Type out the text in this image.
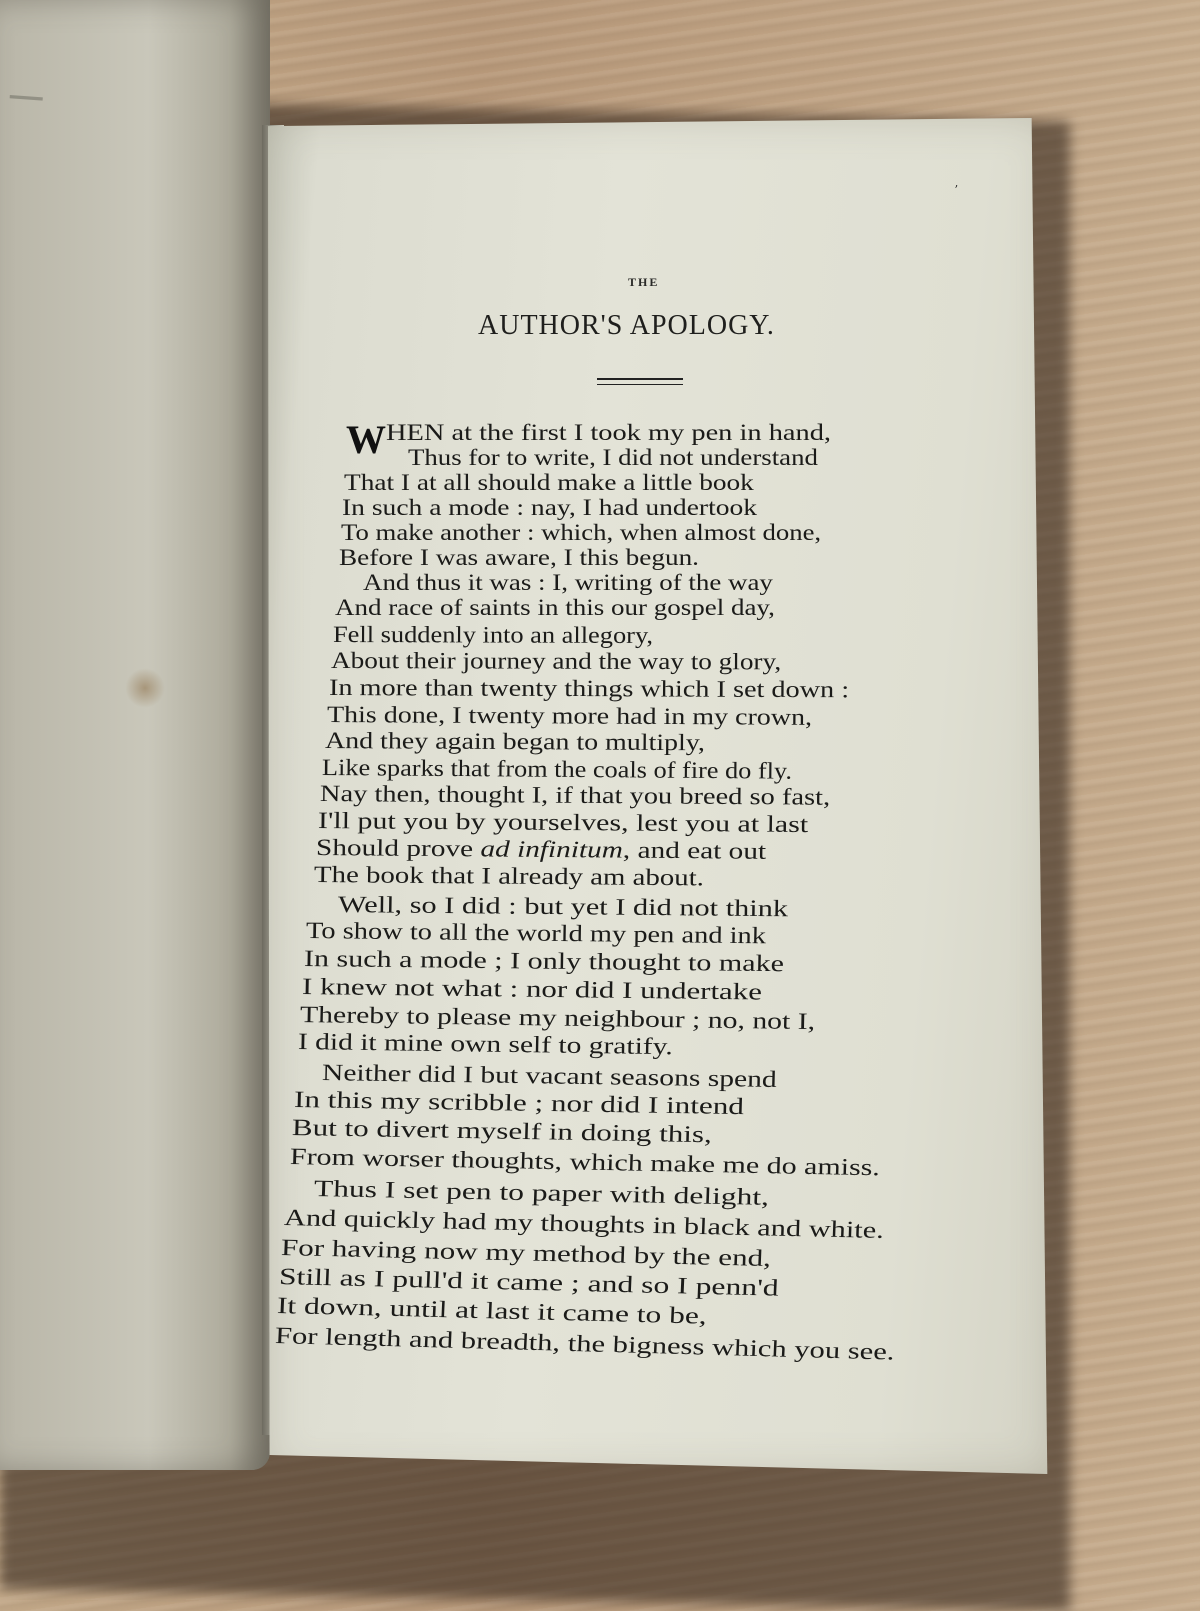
─

ʼ
THE
AUTHOR'S APOLOGY.
W HEN at the first I took my pen in hand,
Thus for to write, I did not understand
That I at all should make a little book
In such a mode : nay, I had undertook
To make another : which, when almost done,
Before I was aware, I this begun.
And thus it was : I, writing of the way
And race of saints in this our gospel day,
Fell suddenly into an allegory,
About their journey and the way to glory,
In more than twenty things which I set down :
This done, I twenty more had in my crown,
And they again began to multiply,
Like sparks that from the coals of fire do fly.
Nay then, thought I, if that you breed so fast,
I'll put you by yourselves, lest you at last
Should prove ad infinitum, and eat out
The book that I already am about.
Well, so I did : but yet I did not think
To show to all the world my pen and ink
In such a mode ; I only thought to make
I knew not what : nor did I undertake
Thereby to please my neighbour ; no, not I,
I did it mine own self to gratify.
Neither did I but vacant seasons spend
In this my scribble ; nor did I intend
But to divert myself in doing this,
From worser thoughts, which make me do amiss.
Thus I set pen to paper with delight,
And quickly had my thoughts in black and white.
For having now my method by the end,
Still as I pull'd it came ; and so I penn'd
It down, until at last it came to be,
For length and breadth, the bigness which you see.
